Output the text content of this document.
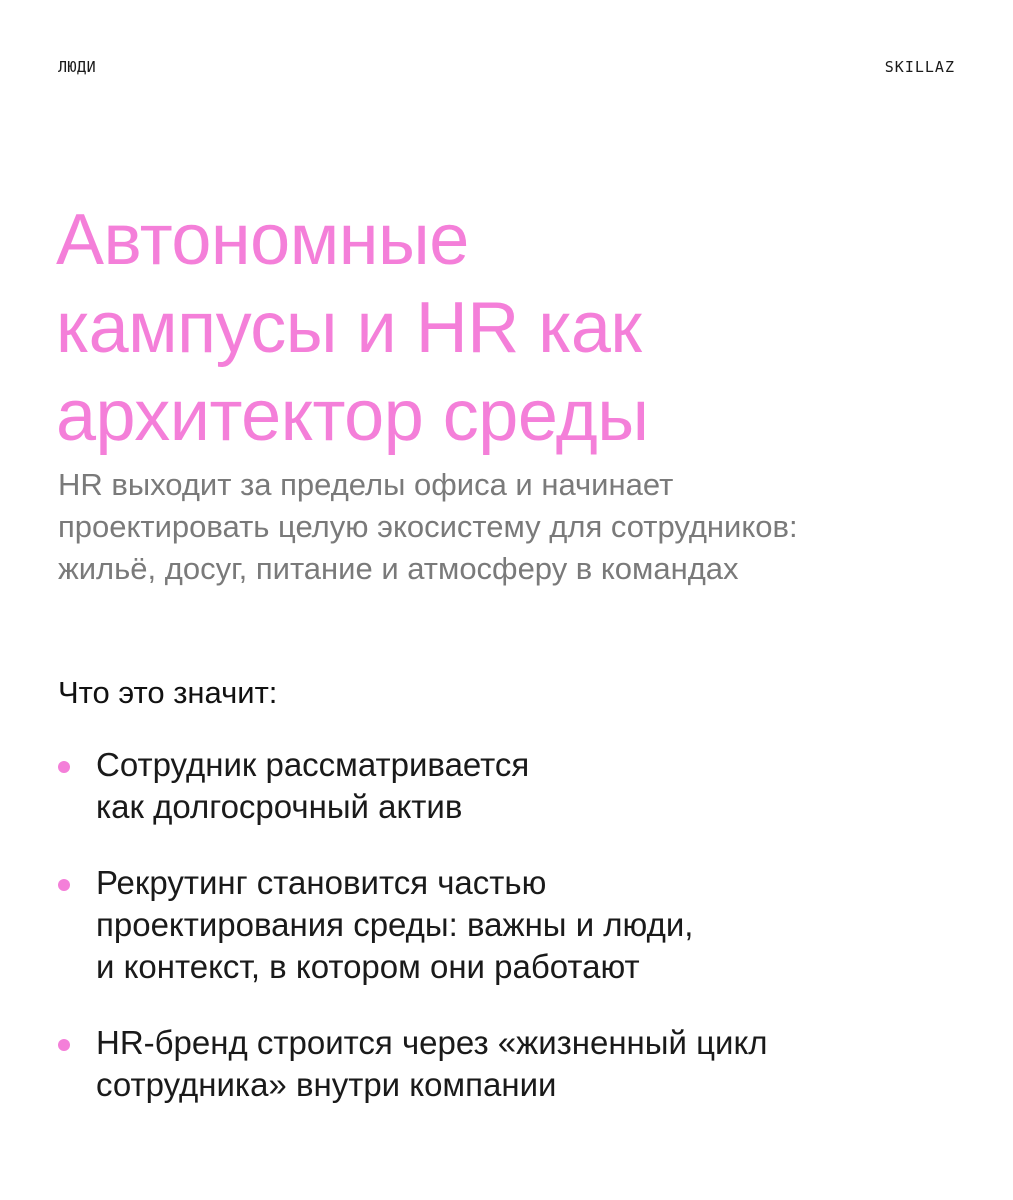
ЛЮДИ	SKILLAZ
Автономные
кампусы и HR как
архитектор среды

HR выходит за пределы офиса и начинает
проектировать целую экосистему для сотрудников:
жильё, досуг, питание и атмосферу в командах

Что это значит:
Сотрудник рассматривается
как долгосрочный актив
Рекрутинг становится частью
проектирования среды: важны и люди,
и контекст, в котором они работают
HR-бренд строится через «жизненный цикл
сотрудника» внутри компании
